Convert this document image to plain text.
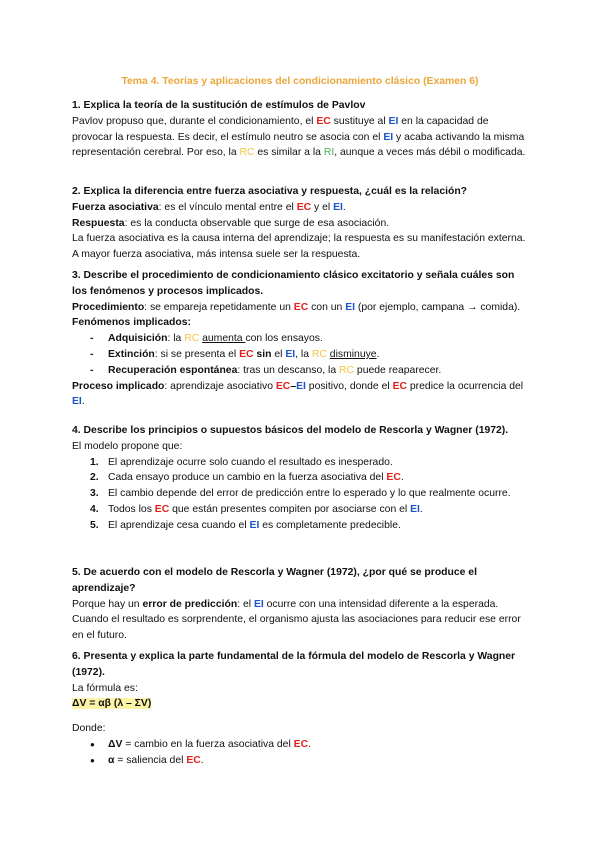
Tema 4. Teorías y aplicaciones del condicionamiento clásico (Examen 6)
1. Explica la teoría de la sustitución de estímulos de Pavlov
Pavlov propuso que, durante el condicionamiento, el EC sustituye al EI en la capacidad de provocar la respuesta. Es decir, el estímulo neutro se asocia con el EI y acaba activando la misma representación cerebral. Por eso, la RC es similar a la RI, aunque a veces más débil o modificada.
2. Explica la diferencia entre fuerza asociativa y respuesta, ¿cuál es la relación?
Fuerza asociativa: es el vínculo mental entre el EC y el EI.
Respuesta: es la conducta observable que surge de esa asociación.
La fuerza asociativa es la causa interna del aprendizaje; la respuesta es su manifestación externa. A mayor fuerza asociativa, más intensa suele ser la respuesta.
3. Describe el procedimiento de condicionamiento clásico excitatorio y señala cuáles son los fenómenos y procesos implicados.
Procedimiento: se empareja repetidamente un EC con un EI (por ejemplo, campana → comida).
Fenómenos implicados:
- Adquisición: la RC aumenta con los ensayos.
- Extinción: si se presenta el EC sin el EI, la RC disminuye.
- Recuperación espontánea: tras un descanso, la RC puede reaparecer.
Proceso implicado: aprendizaje asociativo EC–EI positivo, donde el EC predice la ocurrencia del EI.
4. Describe los principios o supuestos básicos del modelo de Rescorla y Wagner (1972).
El modelo propone que:
1. El aprendizaje ocurre solo cuando el resultado es inesperado.
2. Cada ensayo produce un cambio en la fuerza asociativa del EC.
3. El cambio depende del error de predicción entre lo esperado y lo que realmente ocurre.
4. Todos los EC que están presentes compiten por asociarse con el EI.
5. El aprendizaje cesa cuando el EI es completamente predecible.
5. De acuerdo con el modelo de Rescorla y Wagner (1972), ¿por qué se produce el aprendizaje?
Porque hay un error de predicción: el EI ocurre con una intensidad diferente a la esperada. Cuando el resultado es sorprendente, el organismo ajusta las asociaciones para reducir ese error en el futuro.
6. Presenta y explica la parte fundamental de la fórmula del modelo de Rescorla y Wagner (1972).
La fórmula es:
ΔV = αβ (λ – ΣV)
Donde:
● ΔV = cambio en la fuerza asociativa del EC.
● α = saliencia del EC.
